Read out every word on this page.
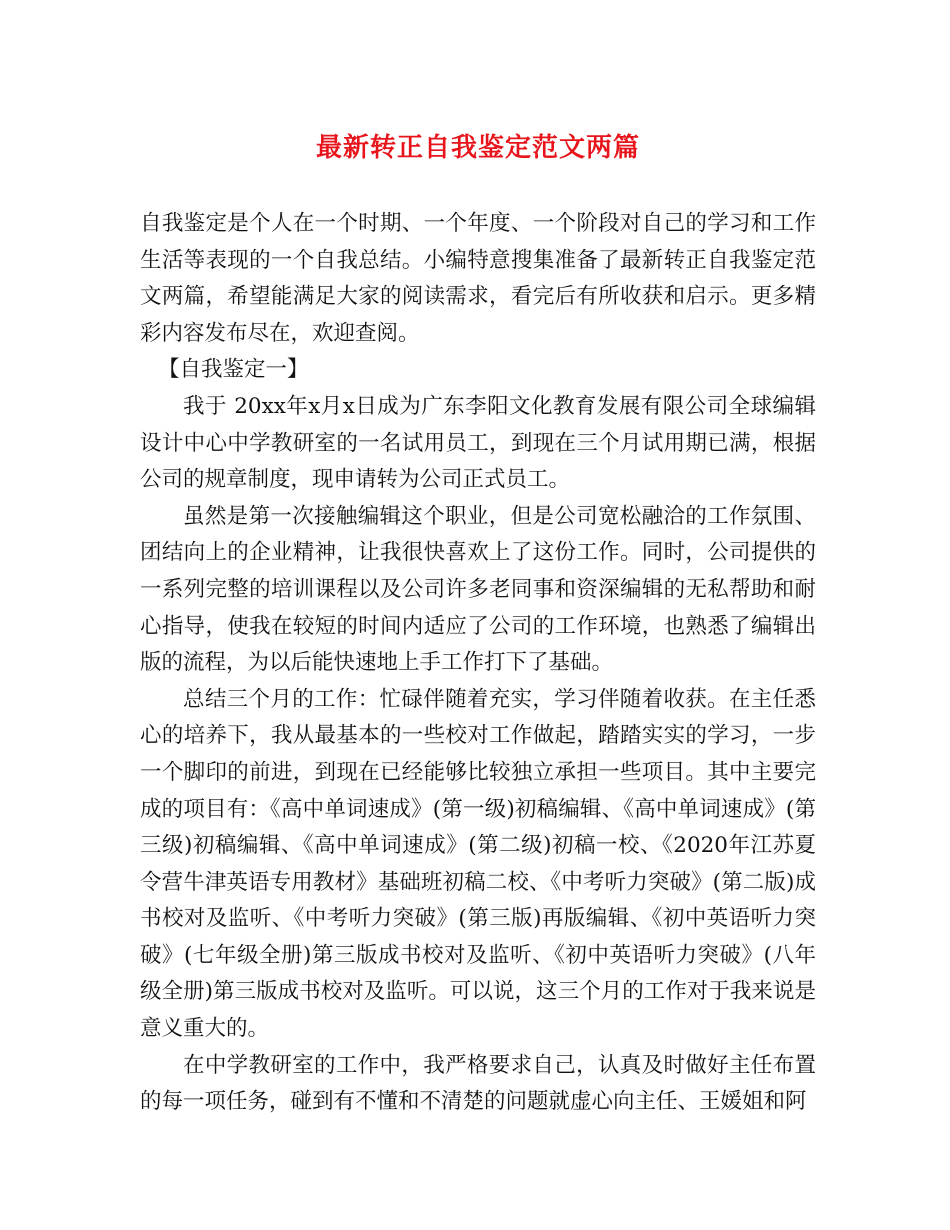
最新转正自我鉴定范文两篇

自我鉴定是个人在一个时期、一个年度、一个阶段对自己的学习和工作生活等表现的一个自我总结。小编特意搜集准备了最新转正自我鉴定范文两篇，希望能满足大家的阅读需求，看完后有所收获和启示。更多精彩内容发布尽在，欢迎查阅。

【自我鉴定一】

我于 20xx年x月x日成为广东李阳文化教育发展有限公司全球编辑设计中心中学教研室的一名试用员工，到现在三个月试用期已满，根据公司的规章制度，现申请转为公司正式员工。

虽然是第一次接触编辑这个职业，但是公司宽松融洽的工作氛围、团结向上的企业精神，让我很快喜欢上了这份工作。同时，公司提供的一系列完整的培训课程以及公司许多老同事和资深编辑的无私帮助和耐心指导，使我在较短的时间内适应了公司的工作环境，也熟悉了编辑出版的流程，为以后能快速地上手工作打下了基础。

总结三个月的工作：忙碌伴随着充实，学习伴随着收获。在主任悉心的培养下，我从最基本的一些校对工作做起，踏踏实实的学习，一步一个脚印的前进，到现在已经能够比较独立承担一些项目。其中主要完成的项目有：《高中单词速成》(第一级)初稿编辑、《高中单词速成》(第三级)初稿编辑、《高中单词速成》(第二级)初稿一校、《2020年江苏夏令营牛津英语专用教材》基础班初稿二校、《中考听力突破》(第二版)成书校对及监听、《中考听力突破》(第三版)再版编辑、《初中英语听力突破》(七年级全册)第三版成书校对及监听、《初中英语听力突破》(八年级全册)第三版成书校对及监听。可以说，这三个月的工作对于我来说是意义重大的。

在中学教研室的工作中，我严格要求自己，认真及时做好主任布置的每一项任务，碰到有不懂和不清楚的问题就虚心向主任、王媛姐和阿
